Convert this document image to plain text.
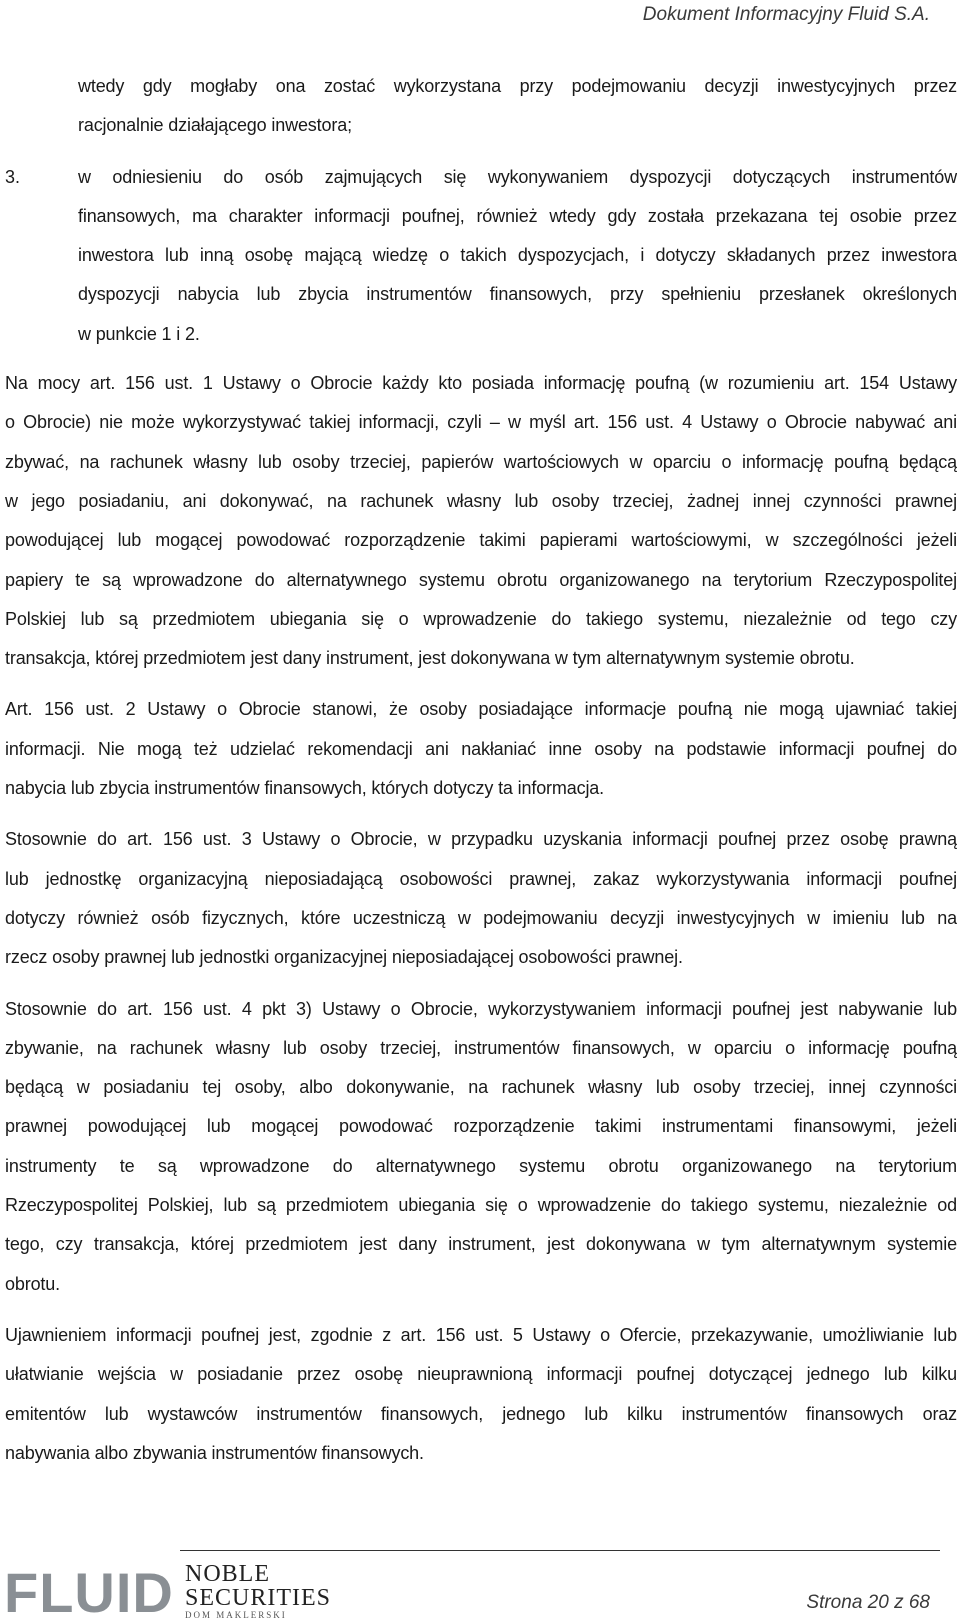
Dokument Informacyjny Fluid S.A.
wtedy gdy mogłaby ona zostać wykorzystana przy podejmowaniu decyzji inwestycyjnych przez
racjonalnie działającego inwestora;
3.	w odniesieniu do osób zajmujących się wykonywaniem dyspozycji dotyczących instrumentów
finansowych, ma charakter informacji poufnej, również wtedy gdy została przekazana tej osobie przez
inwestora lub inną osobę mającą wiedzę o takich dyspozycjach, i dotyczy składanych przez inwestora
dyspozycji nabycia lub zbycia instrumentów finansowych, przy spełnieniu przesłanek określonych
w punkcie 1 i 2.
Na mocy art. 156 ust. 1 Ustawy o Obrocie każdy kto posiada informację poufną (w rozumieniu art. 154 Ustawy
o Obrocie) nie może wykorzystywać takiej informacji, czyli – w myśl art. 156 ust. 4 Ustawy o Obrocie nabywać ani
zbywać, na rachunek własny lub osoby trzeciej, papierów wartościowych w oparciu o informację poufną będącą
w jego posiadaniu, ani dokonywać, na rachunek własny lub osoby trzeciej, żadnej innej czynności prawnej
powodującej lub mogącej powodować rozporządzenie takimi papierami wartościowymi, w szczególności jeżeli
papiery te są wprowadzone do alternatywnego systemu obrotu organizowanego na terytorium Rzeczypospolitej
Polskiej lub są przedmiotem ubiegania się o wprowadzenie do takiego systemu, niezależnie od tego czy
transakcja, której przedmiotem jest dany instrument, jest dokonywana w tym alternatywnym systemie obrotu.
Art. 156 ust. 2 Ustawy o Obrocie stanowi, że osoby posiadające informacje poufną nie mogą ujawniać takiej
informacji. Nie mogą też udzielać rekomendacji ani nakłaniać inne osoby na podstawie informacji poufnej do
nabycia lub zbycia instrumentów finansowych, których dotyczy ta informacja.
Stosownie do art. 156 ust. 3 Ustawy o Obrocie, w przypadku uzyskania informacji poufnej przez osobę prawną
lub jednostkę organizacyjną nieposiadającą osobowości prawnej, zakaz wykorzystywania informacji poufnej
dotyczy również osób fizycznych, które uczestniczą w podejmowaniu decyzji inwestycyjnych w imieniu lub na
rzecz osoby prawnej lub jednostki organizacyjnej nieposiadającej osobowości prawnej.
Stosownie do art. 156 ust. 4 pkt 3) Ustawy o Obrocie, wykorzystywaniem informacji poufnej jest nabywanie lub
zbywanie, na rachunek własny lub osoby trzeciej, instrumentów finansowych, w oparciu o informację poufną
będącą w posiadaniu tej osoby, albo dokonywanie, na rachunek własny lub osoby trzeciej, innej czynności
prawnej powodującej lub mogącej powodować rozporządzenie takimi instrumentami finansowymi, jeżeli
instrumenty te są wprowadzone do alternatywnego systemu obrotu organizowanego na terytorium
Rzeczypospolitej Polskiej, lub są przedmiotem ubiegania się o wprowadzenie do takiego systemu, niezależnie od
tego, czy transakcja, której przedmiotem jest dany instrument, jest dokonywana w tym alternatywnym systemie
obrotu.
Ujawnieniem informacji poufnej jest, zgodnie z art. 156 ust. 5 Ustawy o Ofercie, przekazywanie, umożliwianie lub
ułatwianie wejścia w posiadanie przez osobę nieuprawnioną informacji poufnej dotyczącej jednego lub kilku
emitentów lub wystawców instrumentów finansowych, jednego lub kilku instrumentów finansowych oraz
nabywania albo zbywania instrumentów finansowych.
FLUID NOBLE
SECURITIES
DOM MAKLERSKI
Strona 20 z 68
